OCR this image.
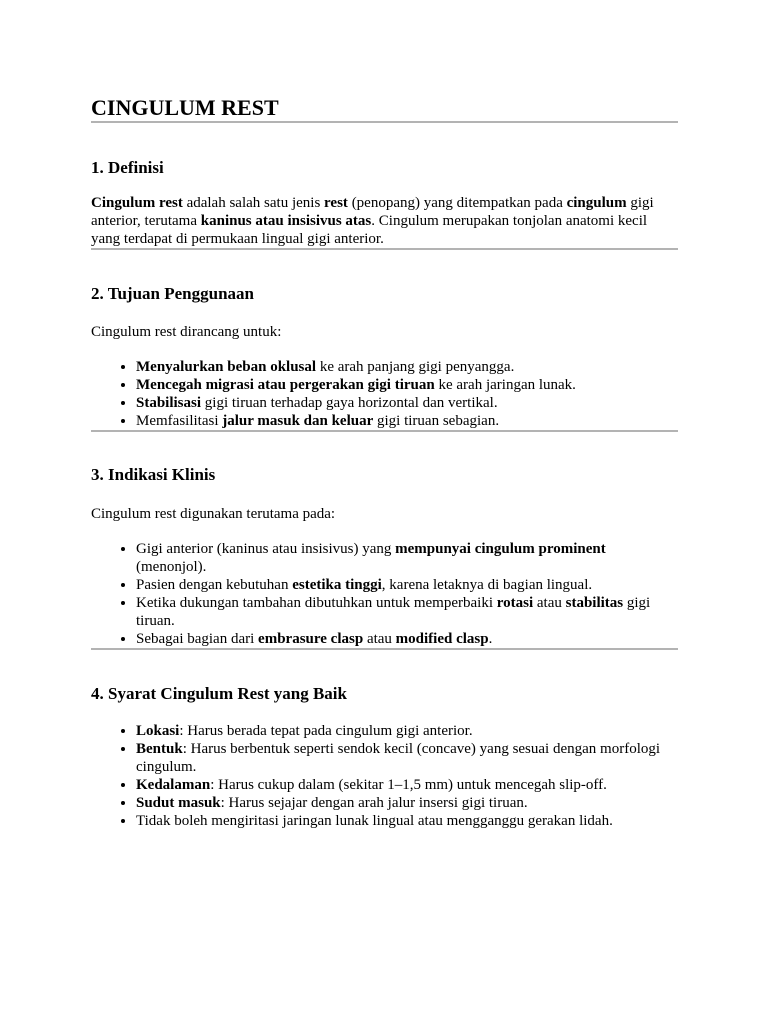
CINGULUM REST
1. Definisi

Cingulum rest adalah salah satu jenis rest (penopang) yang ditempatkan pada cingulum gigi anterior, terutama kaninus atau insisivus atas. Cingulum merupakan tonjolan anatomi kecil yang terdapat di permukaan lingual gigi anterior.

2. Tujuan Penggunaan

Cingulum rest dirancang untuk:

• Menyalurkan beban oklusal ke arah panjang gigi penyangga.
• Mencegah migrasi atau pergerakan gigi tiruan ke arah jaringan lunak.
• Stabilisasi gigi tiruan terhadap gaya horizontal dan vertikal.
• Memfasilitasi jalur masuk dan keluar gigi tiruan sebagian.
3. Indikasi Klinis

Cingulum rest digunakan terutama pada:

• Gigi anterior (kaninus atau insisivus) yang mempunyai cingulum prominent (menonjol).
• Pasien dengan kebutuhan estetika tinggi, karena letaknya di bagian lingual.
• Ketika dukungan tambahan dibutuhkan untuk memperbaiki rotasi atau stabilitas gigi tiruan.
• Sebagai bagian dari embrasure clasp atau modified clasp.
4. Syarat Cingulum Rest yang Baik
• Lokasi: Harus berada tepat pada cingulum gigi anterior.
• Bentuk: Harus berbentuk seperti sendok kecil (concave) yang sesuai dengan morfologi cingulum.
• Kedalaman: Harus cukup dalam (sekitar 1–1,5 mm) untuk mencegah slip-off.
• Sudut masuk: Harus sejajar dengan arah jalur insersi gigi tiruan.
• Tidak boleh mengiritasi jaringan lunak lingual atau mengganggu gerakan lidah.
